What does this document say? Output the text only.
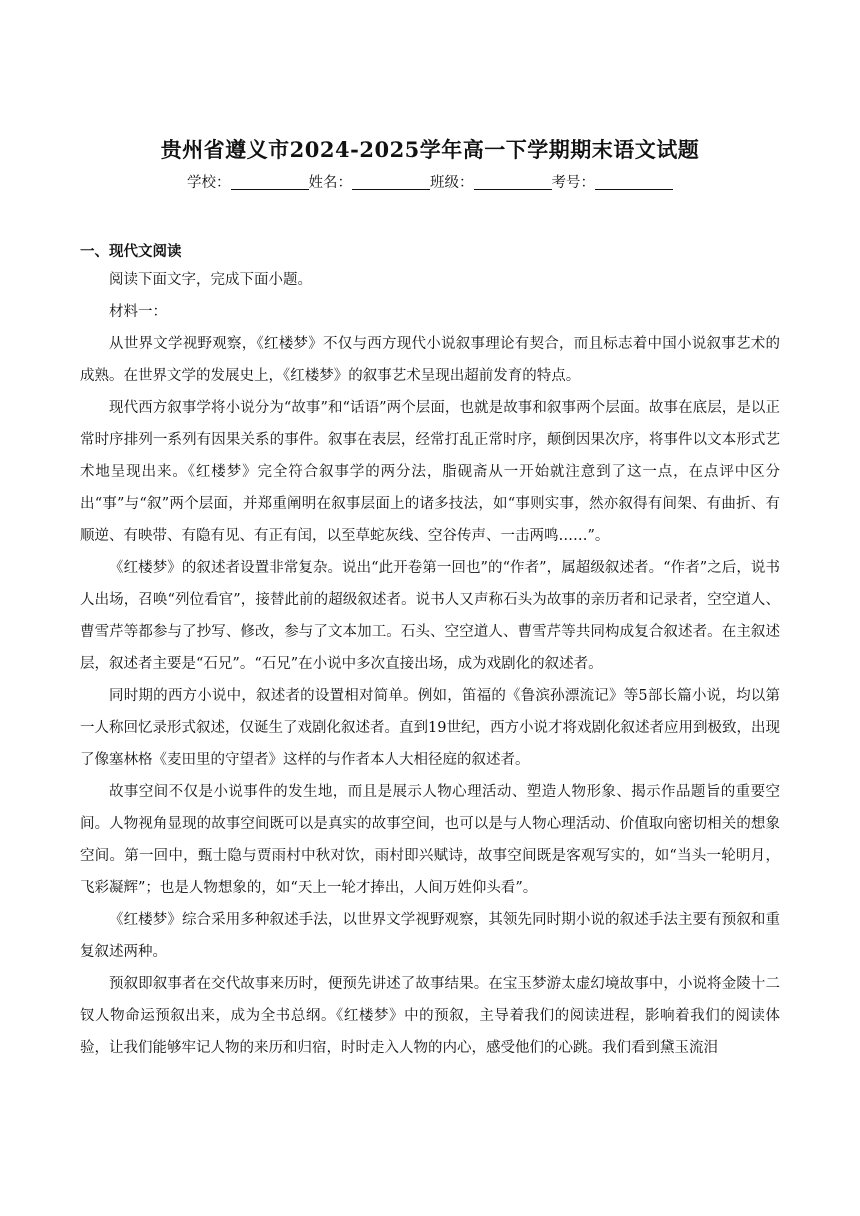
贵州省遵义市2024-2025学年高一下学期期末语文试题
学校：	姓名：	班级：	考号：
一、现代文阅读

阅读下面文字，完成下面小题。

材料一：

从世界文学视野观察，《红楼梦》不仅与西方现代小说叙事理论有契合，而且标志着中国小说叙事艺术的成熟。在世界文学的发展史上，《红楼梦》的叙事艺术呈现出超前发育的特点。

现代西方叙事学将小说分为“故事”和“话语”两个层面，也就是故事和叙事两个层面。故事在底层，是以正常时序排列一系列有因果关系的事件。叙事在表层，经常打乱正常时序，颠倒因果次序，将事件以文本形式艺术地呈现出来。《红楼梦》完全符合叙事学的两分法，脂砚斋从一开始就注意到了这一点，在点评中区分出“事”与“叙”两个层面，并郑重阐明在叙事层面上的诸多技法，如“事则实事，然亦叙得有间架、有曲折、有顺逆、有映带、有隐有见、有正有闰，以至草蛇灰线、空谷传声、一击两鸣……”。

《红楼梦》的叙述者设置非常复杂。说出“此开卷第一回也”的“作者”，属超级叙述者。“作者”之后，说书人出场，召唤“列位看官”，接替此前的超级叙述者。说书人又声称石头为故事的亲历者和记录者，空空道人、曹雪芹等都参与了抄写、修改，参与了文本加工。石头、空空道人、曹雪芹等共同构成复合叙述者。在主叙述层，叙述者主要是“石兄”。“石兄”在小说中多次直接出场，成为戏剧化的叙述者。

同时期的西方小说中，叙述者的设置相对简单。例如，笛福的《鲁滨孙漂流记》等5部长篇小说，均以第一人称回忆录形式叙述，仅诞生了戏剧化叙述者。直到19世纪，西方小说才将戏剧化叙述者应用到极致，出现了像塞林格《麦田里的守望者》这样的与作者本人大相径庭的叙述者。

故事空间不仅是小说事件的发生地，而且是展示人物心理活动、塑造人物形象、揭示作品题旨的重要空间。人物视角显现的故事空间既可以是真实的故事空间，也可以是与人物心理活动、价值取向密切相关的想象空间。第一回中，甄士隐与贾雨村中秋对饮，雨村即兴赋诗，故事空间既是客观写实的，如“当头一轮明月，飞彩凝辉”；也是人物想象的，如“天上一轮才捧出，人间万姓仰头看”。

《红楼梦》综合采用多种叙述手法，以世界文学视野观察，其领先同时期小说的叙述手法主要有预叙和重复叙述两种。

预叙即叙事者在交代故事来历时，便预先讲述了故事结果。在宝玉梦游太虚幻境故事中，小说将金陵十二钗人物命运预叙出来，成为全书总纲。《红楼梦》中的预叙，主导着我们的阅读进程，影响着我们的阅读体验，让我们能够牢记人物的来历和归宿，时时走入人物的内心，感受他们的心跳。我们看到黛玉流泪
